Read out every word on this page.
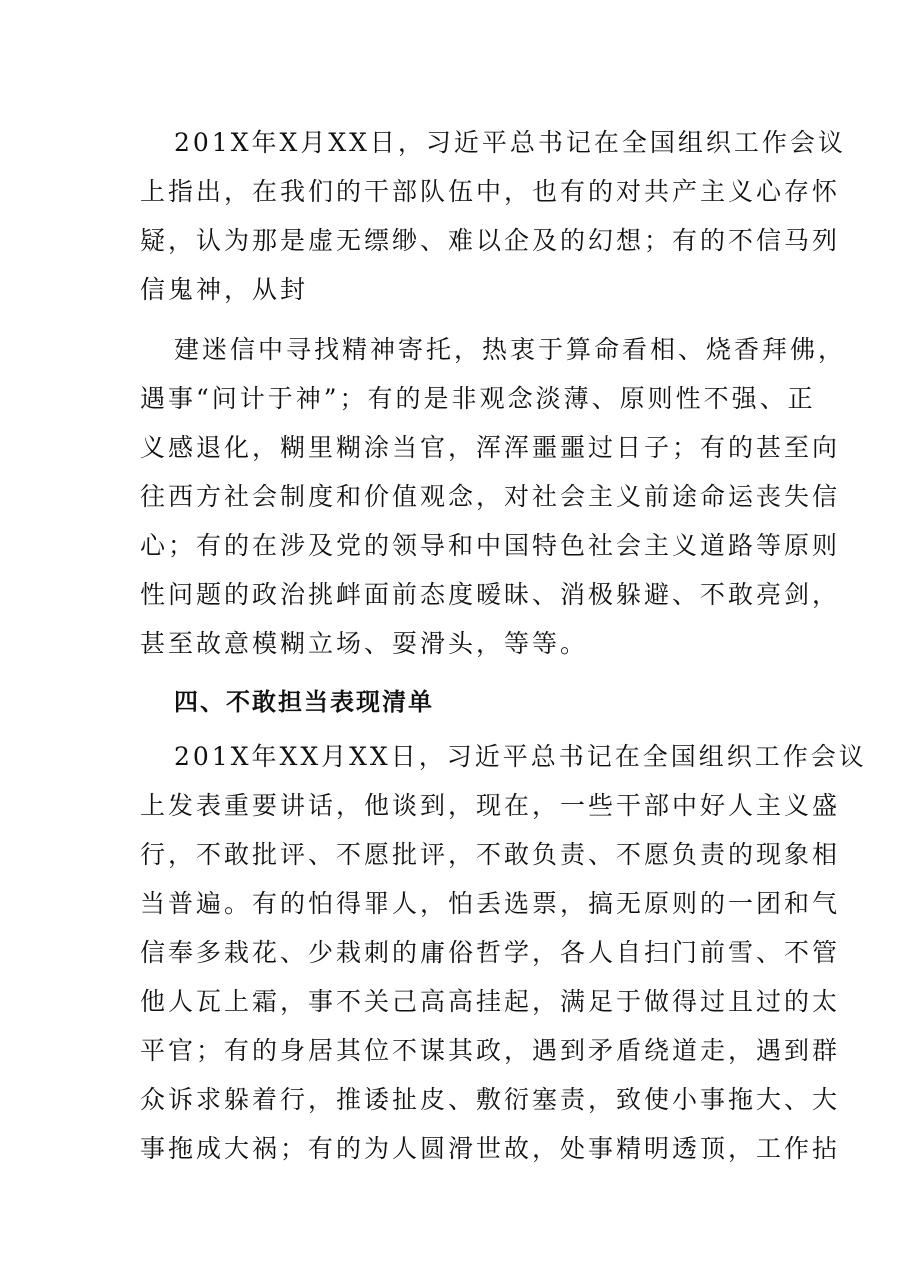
201X年X月XX日，习近平总书记在全国组织工作会议
上指出，在我们的干部队伍中，也有的对共产主义心存怀
疑，认为那是虚无缥缈、难以企及的幻想；有的不信马列
信鬼神，从封
建迷信中寻找精神寄托，热衷于算命看相、烧香拜佛，
遇事“问计于神”；有的是非观念淡薄、原则性不强、正
义感退化，糊里糊涂当官，浑浑噩噩过日子；有的甚至向
往西方社会制度和价值观念，对社会主义前途命运丧失信
心；有的在涉及党的领导和中国特色社会主义道路等原则
性问题的政治挑衅面前态度暧昧、消极躲避、不敢亮剑，
甚至故意模糊立场、耍滑头，等等。
四、不敢担当表现清单
201X年XX月XX日，习近平总书记在全国组织工作会议
上发表重要讲话，他谈到，现在，一些干部中好人主义盛
行，不敢批评、不愿批评，不敢负责、不愿负责的现象相
当普遍。有的怕得罪人，怕丢选票，搞无原则的一团和气
信奉多栽花、少栽刺的庸俗哲学，各人自扫门前雪、不管
他人瓦上霜，事不关己高高挂起，满足于做得过且过的太
平官；有的身居其位不谋其政，遇到矛盾绕道走，遇到群
众诉求躲着行，推诿扯皮、敷衍塞责，致使小事拖大、大
事拖成大祸；有的为人圆滑世故，处事精明透顶，工作拈
